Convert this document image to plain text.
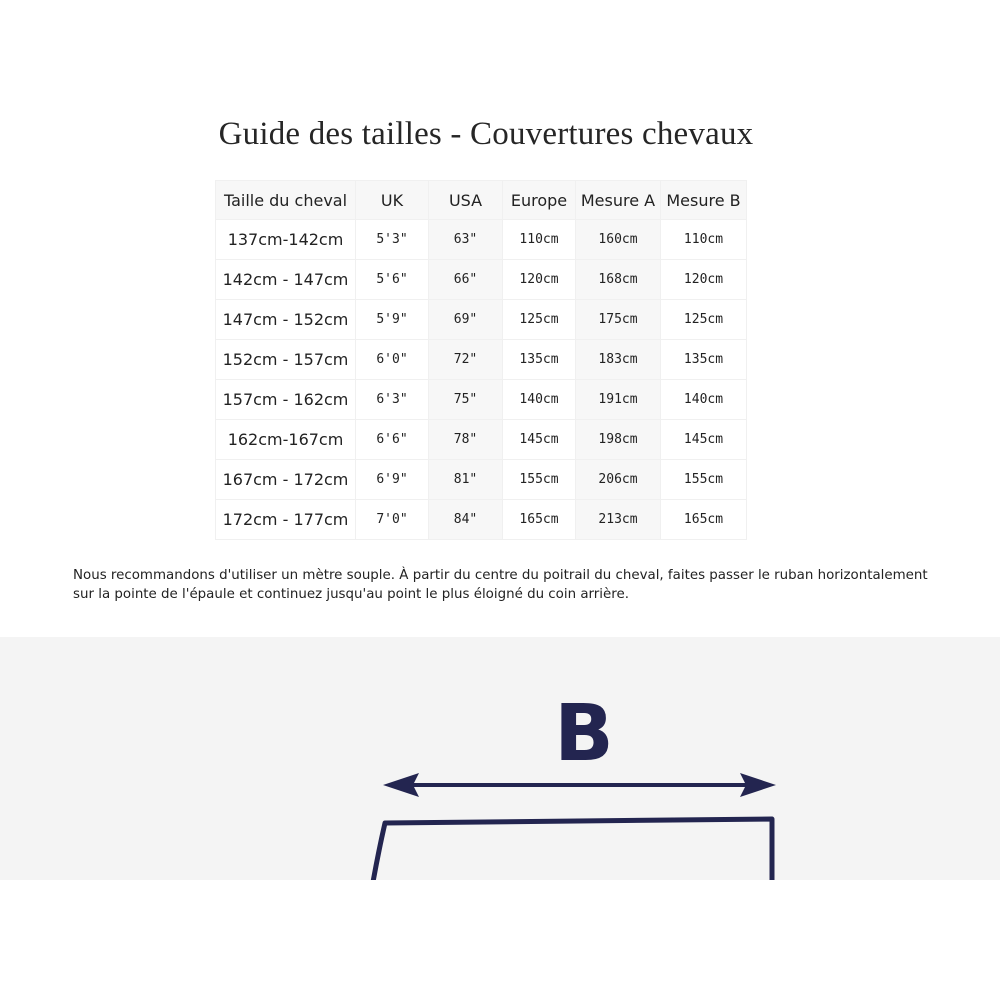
Guide des tailles - Couvertures chevaux
Taille du cheval	UK	USA	Europe	Mesure A	Mesure B
137cm-142cm	5'3"	63"	110cm	160cm	110cm
142cm - 147cm	5'6"	66"	120cm	168cm	120cm
147cm - 152cm	5'9"	69"	125cm	175cm	125cm
152cm - 157cm	6'0"	72"	135cm	183cm	135cm
157cm - 162cm	6'3"	75"	140cm	191cm	140cm
162cm-167cm	6'6"	78"	145cm	198cm	145cm
167cm - 172cm	6'9"	81"	155cm	206cm	155cm
172cm - 177cm	7'0"	84"	165cm	213cm	165cm

Nous recommandons d'utiliser un mètre souple. À partir du centre du poitrail du cheval, faites passer le ruban horizontalement sur la pointe de l'épaule et continuez jusqu'au point le plus éloigné du coin arrière.

B
